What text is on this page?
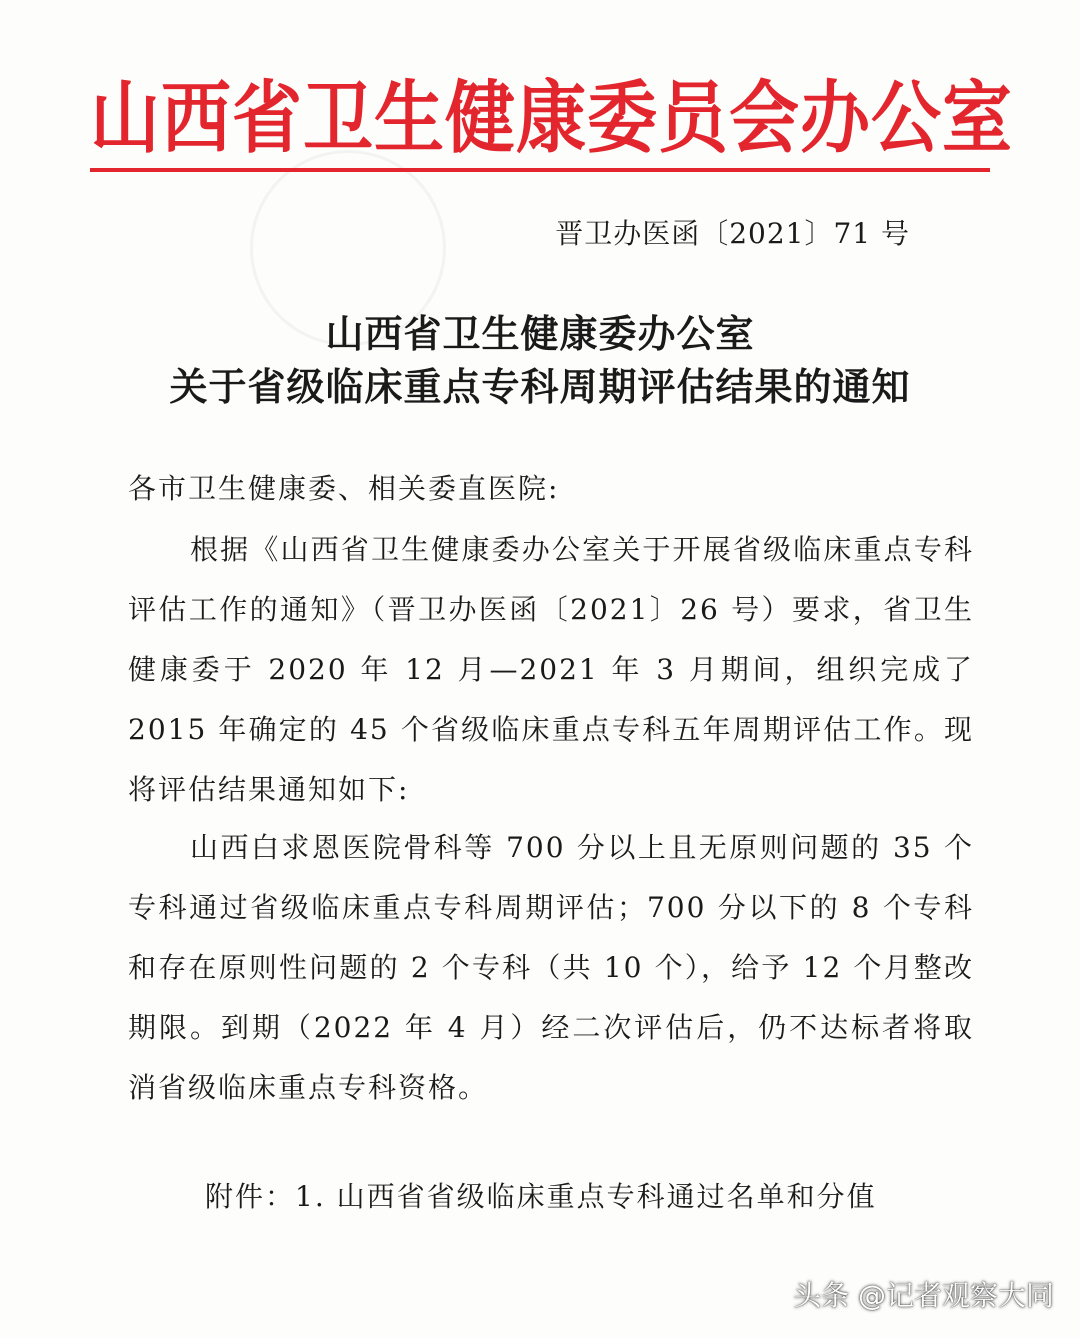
山西省卫生健康委员会办公室
晋卫办医函〔2021〕71 号
山西省卫生健康委办公室
关于省级临床重点专科周期评估结果的通知
各市卫生健康委、相关委直医院:
根据《山西省卫生健康委办公室关于开展省级临床重点专科评估工作的通知》（晋卫办医函〔2021〕26 号）要求，省卫生健康委于 2020 年 12 月—2021 年 3 月期间，组织完成了 2015 年确定的 45 个省级临床重点专科五年周期评估工作。现将评估结果通知如下:
山西白求恩医院骨科等 700 分以上且无原则问题的 35 个专科通过省级临床重点专科周期评估；700 分以下的 8 个专科和存在原则性问题的 2 个专科（共 10 个），给予 12 个月整改期限。到期（2022 年 4 月）经二次评估后，仍不达标者将取消省级临床重点专科资格。
附件：1. 山西省省级临床重点专科通过名单和分值
头条 @记者观察大同
